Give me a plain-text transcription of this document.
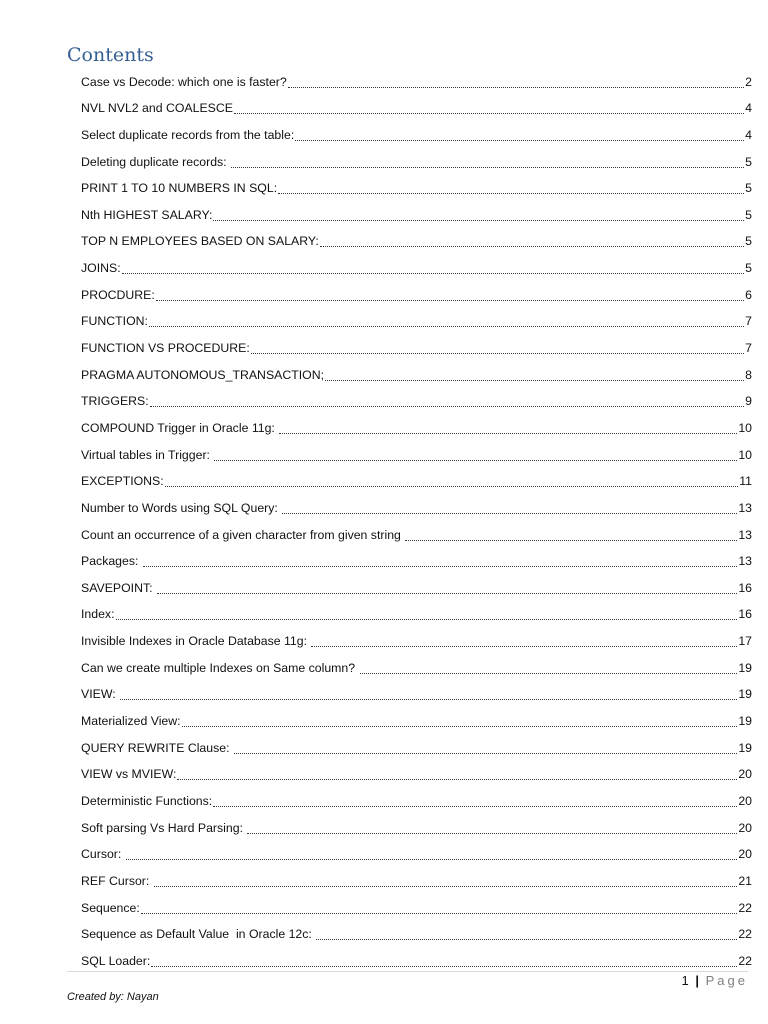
Contents
Case vs Decode: which one is faster?	2
NVL NVL2 and COALESCE	4
Select duplicate records from the table:	4
Deleting duplicate records:	5
PRINT 1 TO 10 NUMBERS IN SQL:	5
Nth HIGHEST SALARY:	5
TOP N EMPLOYEES BASED ON SALARY:	5
JOINS:	5
PROCDURE:	6
FUNCTION:	7
FUNCTION VS PROCEDURE:	7
PRAGMA AUTONOMOUS_TRANSACTION;	8
TRIGGERS:	9
COMPOUND Trigger in Oracle 11g:	10
Virtual tables in Trigger:	10
EXCEPTIONS:	11
Number to Words using SQL Query:	13
Count an occurrence of a given character from given string	13
Packages:	13
SAVEPOINT:	16
Index:	16
Invisible Indexes in Oracle Database 11g:	17
Can we create multiple Indexes on Same column?	19
VIEW:	19
Materialized View:	19
QUERY REWRITE Clause:	19
VIEW vs MVIEW:	20
Deterministic Functions:	20
Soft parsing Vs Hard Parsing:	20
Cursor:	20
REF Cursor:	21
Sequence:	22
Sequence as Default Value  in Oracle 12c:	22
SQL Loader:	22
1 | Page
Created by: Nayan
